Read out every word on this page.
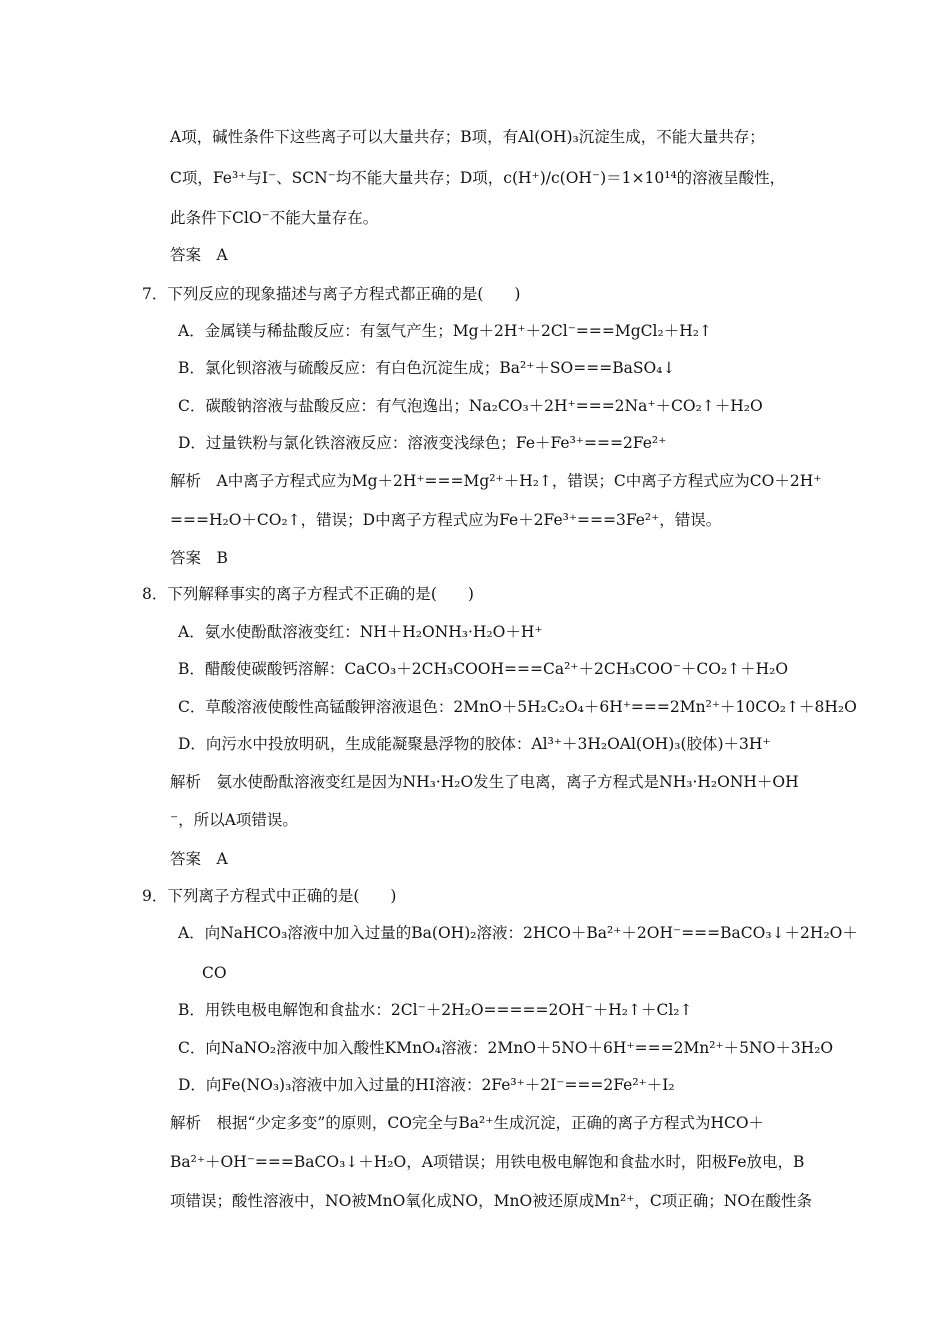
A项，碱性条件下这些离子可以大量共存；B项，有Al(OH)₃沉淀生成，不能大量共存；
C项，Fe³⁺与I⁻、SCN⁻均不能大量共存；D项，c(H⁺)/c(OH⁻)＝1×10¹⁴的溶液呈酸性，
此条件下ClO⁻不能大量存在。
答案　A
7．下列反应的现象描述与离子方程式都正确的是(　　)
A．金属镁与稀盐酸反应：有氢气产生；Mg＋2H⁺＋2Cl⁻===MgCl₂＋H₂↑
B．氯化钡溶液与硫酸反应：有白色沉淀生成；Ba²⁺＋SO===BaSO₄↓
C．碳酸钠溶液与盐酸反应：有气泡逸出；Na₂CO₃＋2H⁺===2Na⁺＋CO₂↑＋H₂O
D．过量铁粉与氯化铁溶液反应：溶液变浅绿色；Fe＋Fe³⁺===2Fe²⁺
解析　A中离子方程式应为Mg＋2H⁺===Mg²⁺＋H₂↑，错误；C中离子方程式应为CO＋2H⁺
===H₂O＋CO₂↑，错误；D中离子方程式应为Fe＋2Fe³⁺===3Fe²⁺，错误。
答案　B
8．下列解释事实的离子方程式不正确的是(　　)
A．氨水使酚酞溶液变红：NH＋H₂ONH₃·H₂O＋H⁺
B．醋酸使碳酸钙溶解：CaCO₃＋2CH₃COOH===Ca²⁺＋2CH₃COO⁻＋CO₂↑＋H₂O
C．草酸溶液使酸性高锰酸钾溶液退色：2MnO＋5H₂C₂O₄＋6H⁺===2Mn²⁺＋10CO₂↑＋8H₂O
D．向污水中投放明矾，生成能凝聚悬浮物的胶体：Al³⁺＋3H₂OAl(OH)₃(胶体)＋3H⁺
解析　氨水使酚酞溶液变红是因为NH₃·H₂O发生了电离，离子方程式是NH₃·H₂ONH＋OH
⁻，所以A项错误。
答案　A
9．下列离子方程式中正确的是(　　)
A．向NaHCO₃溶液中加入过量的Ba(OH)₂溶液：2HCO＋Ba²⁺＋2OH⁻===BaCO₃↓＋2H₂O＋
CO
B．用铁电极电解饱和食盐水：2Cl⁻＋2H₂O=====2OH⁻＋H₂↑＋Cl₂↑
C．向NaNO₂溶液中加入酸性KMnO₄溶液：2MnO＋5NO＋6H⁺===2Mn²⁺＋5NO＋3H₂O
D．向Fe(NO₃)₃溶液中加入过量的HI溶液：2Fe³⁺＋2I⁻===2Fe²⁺＋I₂
解析　根据“少定多变”的原则，CO完全与Ba²⁺生成沉淀，正确的离子方程式为HCO＋
Ba²⁺＋OH⁻===BaCO₃↓＋H₂O，A项错误；用铁电极电解饱和食盐水时，阳极Fe放电，B
项错误；酸性溶液中，NO被MnO氧化成NO，MnO被还原成Mn²⁺，C项正确；NO在酸性条
